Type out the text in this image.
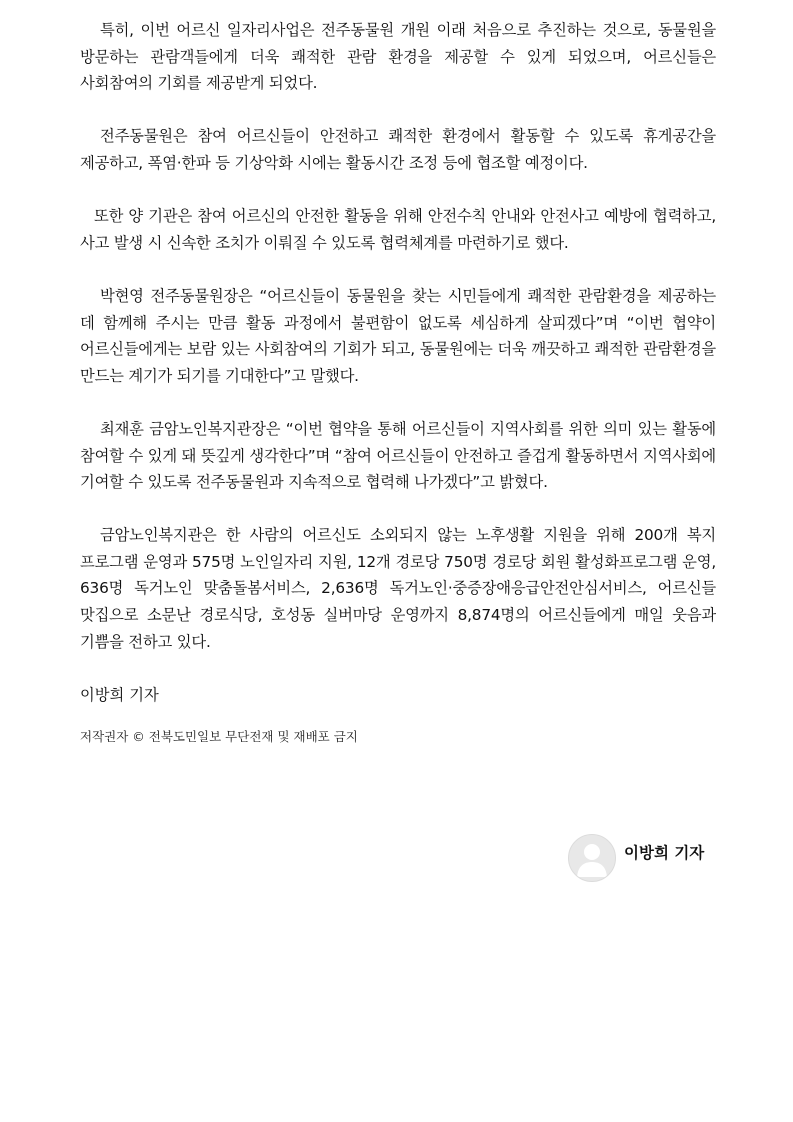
특히, 이번 어르신 일자리사업은 전주동물원 개원 이래 처음으로 추진하는 것으로, 동물원을 방문하는 관람객들에게 더욱 쾌적한 관람 환경을 제공할 수 있게 되었으며, 어르신들은 사회참여의 기회를 제공받게 되었다.

전주동물원은 참여 어르신들이 안전하고 쾌적한 환경에서 활동할 수 있도록 휴게공간을 제공하고, 폭염·한파 등 기상악화 시에는 활동시간 조정 등에 협조할 예정이다.

또한 양 기관은 참여 어르신의 안전한 활동을 위해 안전수칙 안내와 안전사고 예방에 협력하고, 사고 발생 시 신속한 조치가 이뤄질 수 있도록 협력체계를 마련하기로 했다.

박현영 전주동물원장은 “어르신들이 동물원을 찾는 시민들에게 쾌적한 관람환경을 제공하는 데 함께해 주시는 만큼 활동 과정에서 불편함이 없도록 세심하게 살피겠다”며 “이번 협약이 어르신들에게는 보람 있는 사회참여의 기회가 되고, 동물원에는 더욱 깨끗하고 쾌적한 관람환경을 만드는 계기가 되기를 기대한다”고 말했다.

최재훈 금암노인복지관장은 “이번 협약을 통해 어르신들이 지역사회를 위한 의미 있는 활동에 참여할 수 있게 돼 뜻깊게 생각한다”며 “참여 어르신들이 안전하고 즐겁게 활동하면서 지역사회에 기여할 수 있도록 전주동물원과 지속적으로 협력해 나가겠다”고 밝혔다.

금암노인복지관은 한 사람의 어르신도 소외되지 않는 노후생활 지원을 위해 200개 복지 프로그램 운영과 575명 노인일자리 지원, 12개 경로당 750명 경로당 회원 활성화프로그램 운영, 636명 독거노인 맞춤돌봄서비스, 2,636명 독거노인·중증장애응급안전안심서비스, 어르신들 맛집으로 소문난 경로식당, 호성동 실버마당 운영까지 8,874명의 어르신들에게 매일 웃음과 기쁨을 전하고 있다.

이방희 기자

저작권자 © 전북도민일보 무단전재 및 재배포 금지

이방희 기자
